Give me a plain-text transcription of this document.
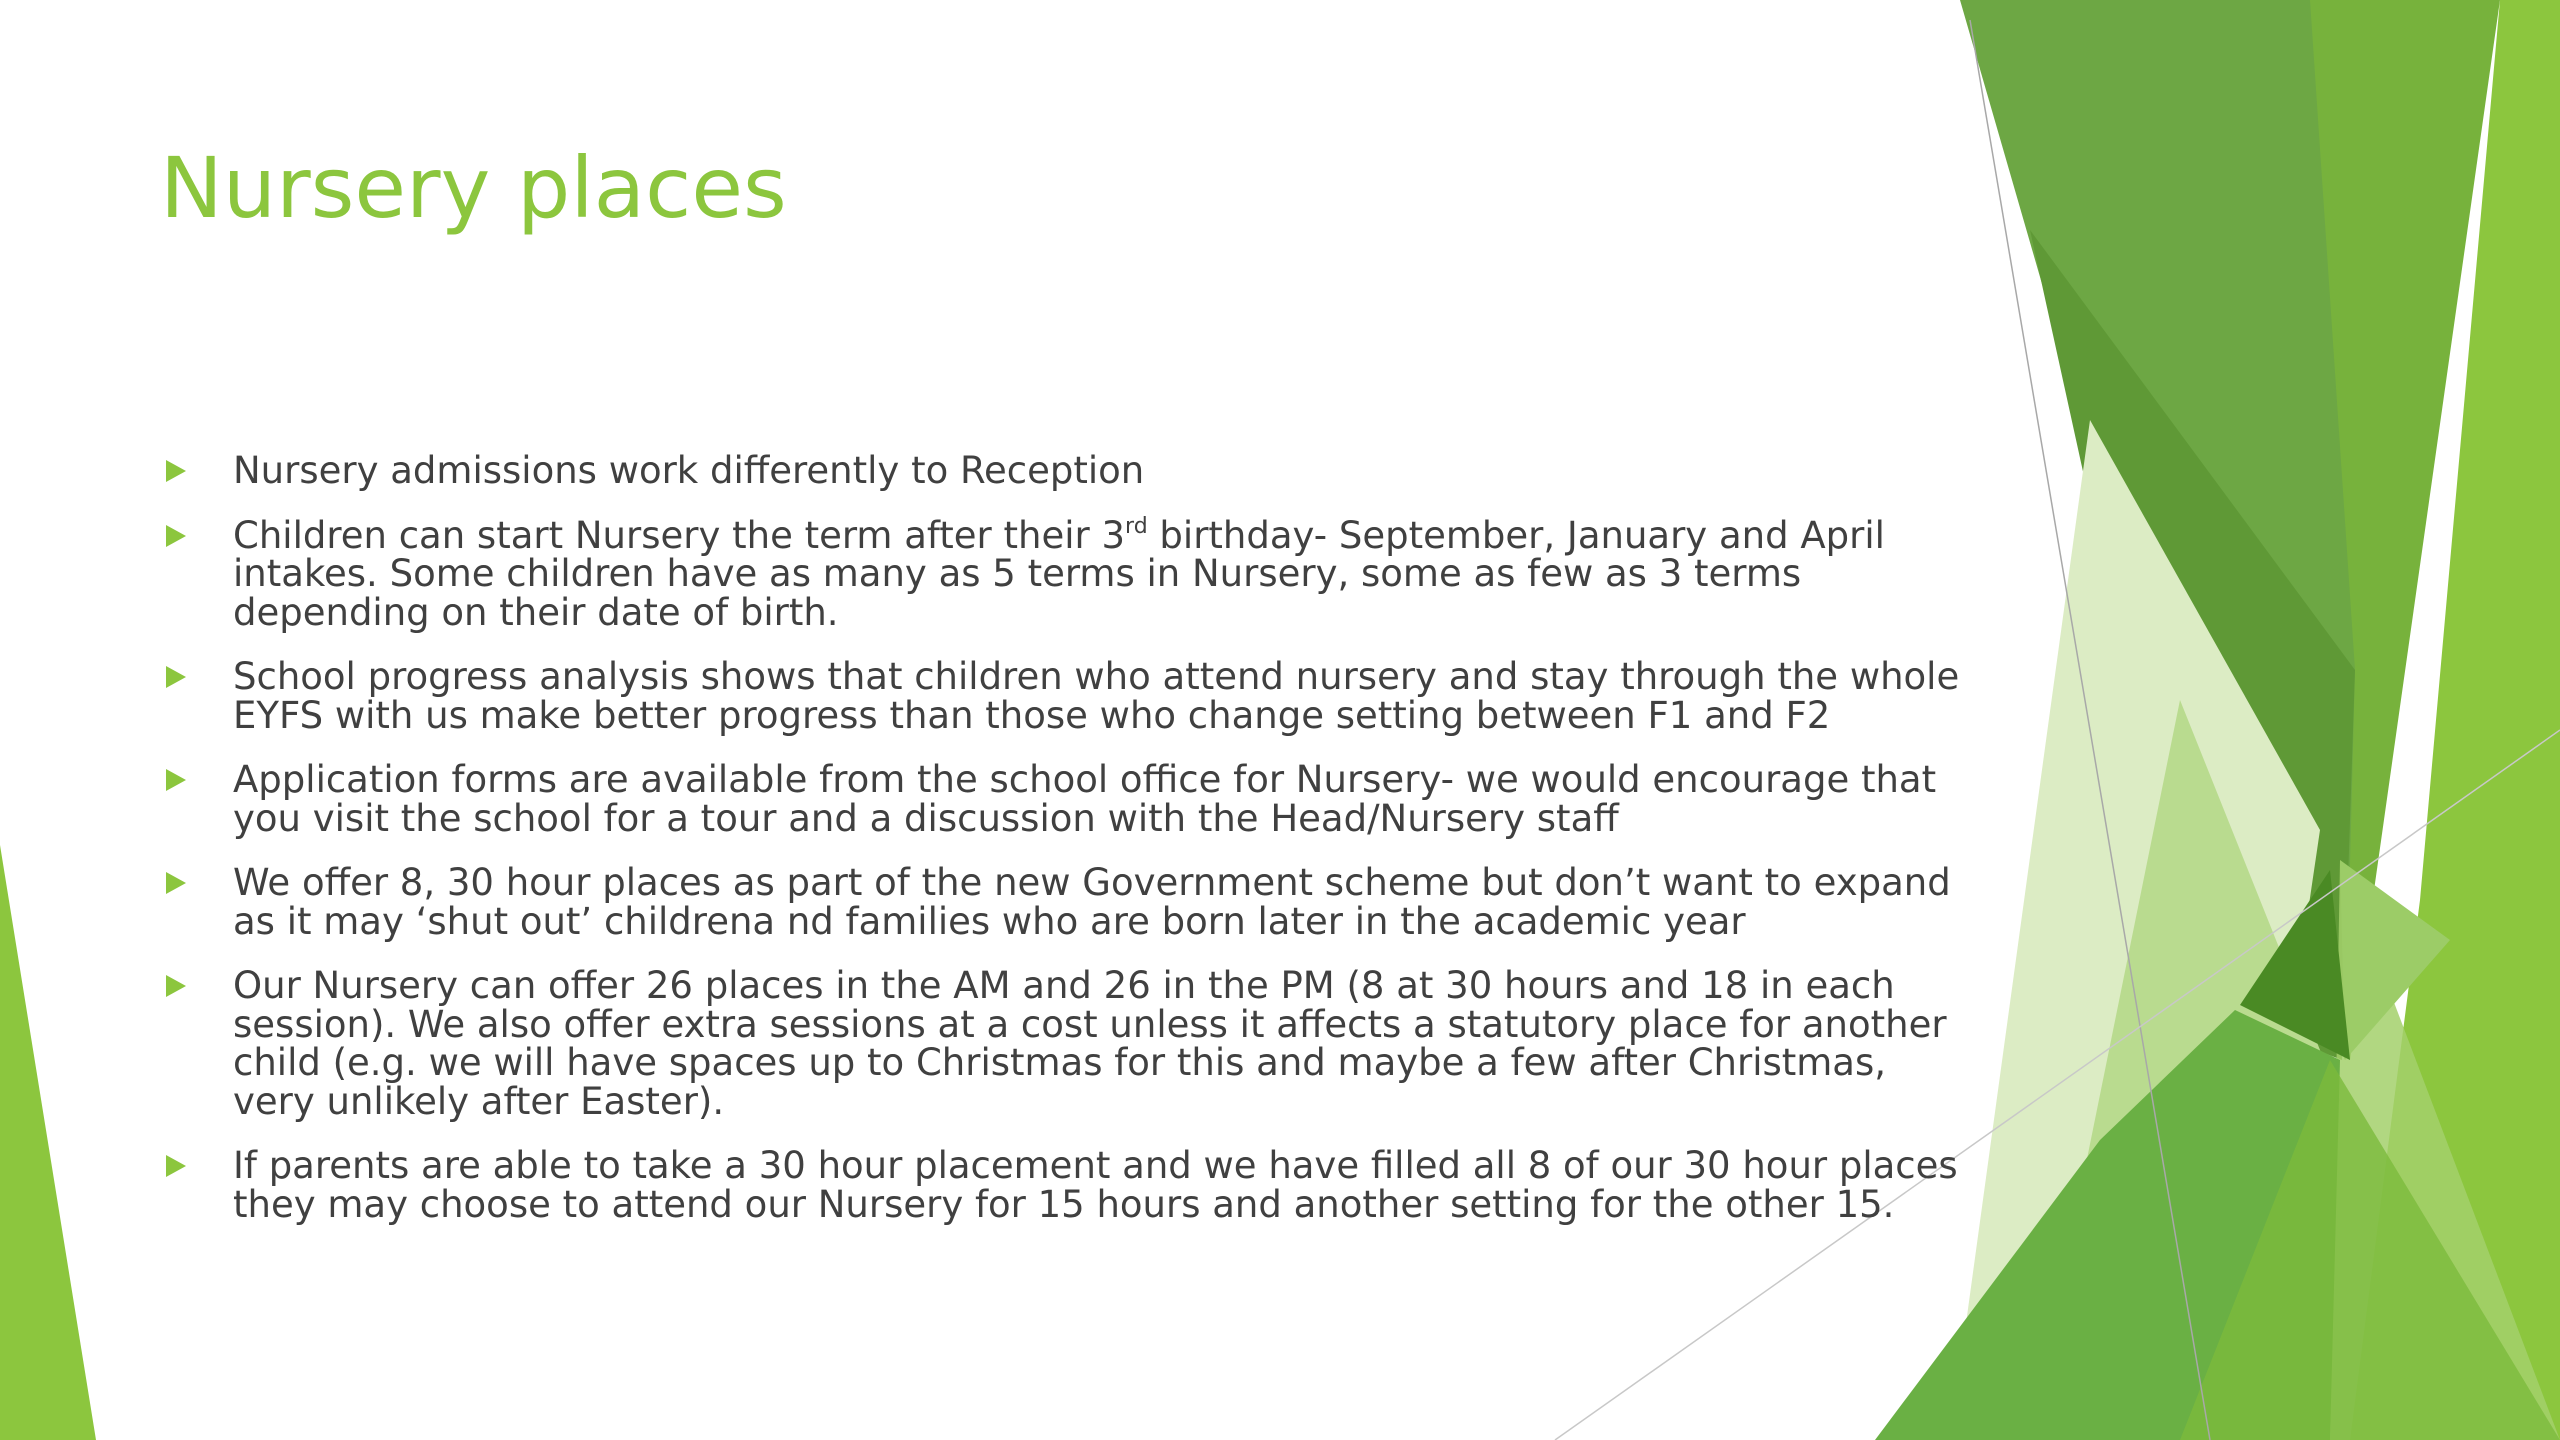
Nursery places
Nursery admissions work differently to Reception
Children can start Nursery the term after their 3rd birthday- September, January and April
intakes. Some children have as many as 5 terms in Nursery, some as few as 3 terms
depending on their date of birth.
School progress analysis shows that children who attend nursery and stay through the whole
EYFS with us make better progress than those who change setting between F1 and F2
Application forms are available from the school office for Nursery- we would encourage that
you visit the school for a tour and a discussion with the Head/Nursery staff
We offer 8, 30 hour places as part of the new Government scheme but don’t want to expand
as it may ‘shut out’ childrena nd families who are born later in the academic year
Our Nursery can offer 26 places in the AM and 26 in the PM (8 at 30 hours and 18 in each
session). We also offer extra sessions at a cost unless it affects a statutory place for another
child (e.g. we will have spaces up to Christmas for this and maybe a few after Christmas,
very unlikely after Easter).
If parents are able to take a 30 hour placement and we have filled all 8 of our 30 hour places
they may choose to attend our Nursery for 15 hours and another setting for the other 15.
